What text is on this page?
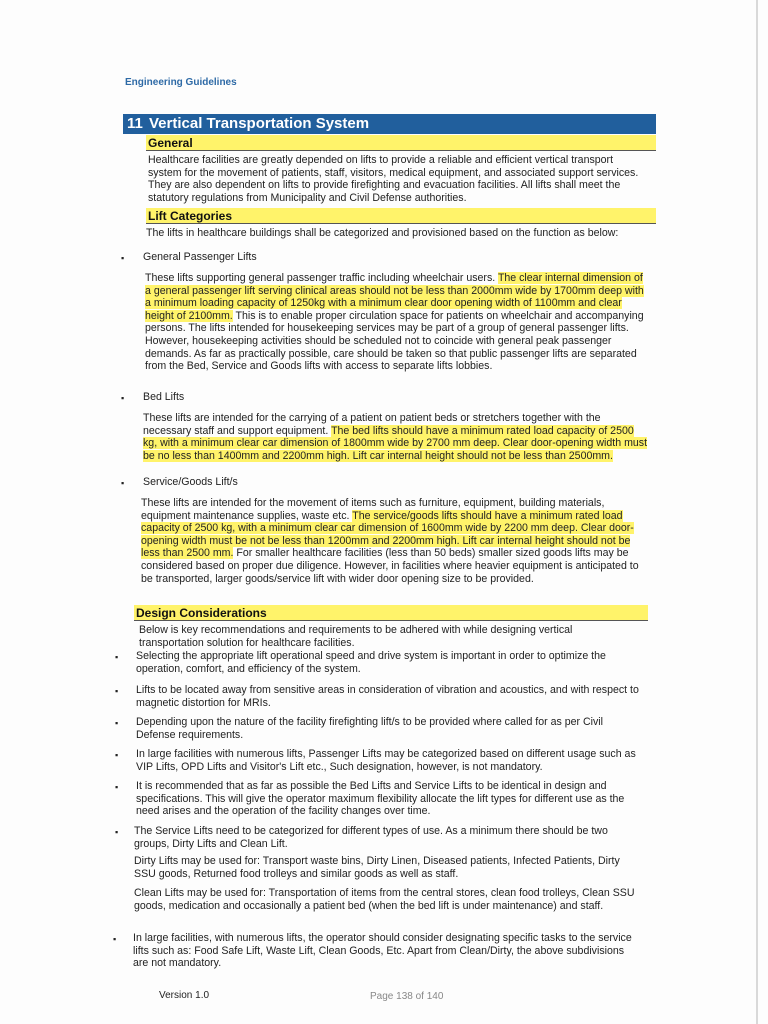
Engineering Guidelines
11 Vertical Transportation System
General
Healthcare facilities are greatly depended on lifts to provide a reliable and efficient vertical transport system for the movement of patients, staff, visitors, medical equipment, and associated support services. They are also dependent on lifts to provide firefighting and evacuation facilities. All lifts shall meet the statutory regulations from Municipality and Civil Defense authorities.
Lift Categories
The lifts in healthcare buildings shall be categorized and provisioned based on the function as below:
▪ General Passenger Lifts
These lifts supporting general passenger traffic including wheelchair users. The clear internal dimension of a general passenger lift serving clinical areas should not be less than 2000mm wide by 1700mm deep with a minimum loading capacity of 1250kg with a minimum clear door opening width of 1100mm and clear height of 2100mm. This is to enable proper circulation space for patients on wheelchair and accompanying persons. The lifts intended for housekeeping services may be part of a group of general passenger lifts. However, housekeeping activities should be scheduled not to coincide with general peak passenger demands. As far as practically possible, care should be taken so that public passenger lifts are separated from the Bed, Service and Goods lifts with access to separate lifts lobbies.
▪ Bed Lifts
These lifts are intended for the carrying of a patient on patient beds or stretchers together with the necessary staff and support equipment. The bed lifts should have a minimum rated load capacity of 2500 kg, with a minimum clear car dimension of 1800mm wide by 2700 mm deep. Clear door-opening width must be no less than 1400mm and 2200mm high. Lift car internal height should not be less than 2500mm.
▪ Service/Goods Lift/s
These lifts are intended for the movement of items such as furniture, equipment, building materials, equipment maintenance supplies, waste etc. The service/goods lifts should have a minimum rated load capacity of 2500 kg, with a minimum clear car dimension of 1600mm wide by 2200 mm deep. Clear door-opening width must be not be less than 1200mm and 2200mm high. Lift car internal height should not be less than 2500 mm. For smaller healthcare facilities (less than 50 beds) smaller sized goods lifts may be considered based on proper due diligence. However, in facilities where heavier equipment is anticipated to be transported, larger goods/service lift with wider door opening size to be provided.
Design Considerations
Below is key recommendations and requirements to be adhered with while designing vertical transportation solution for healthcare facilities.
▪ Selecting the appropriate lift operational speed and drive system is important in order to optimize the operation, comfort, and efficiency of the system.
▪ Lifts to be located away from sensitive areas in consideration of vibration and acoustics, and with respect to magnetic distortion for MRIs.
▪ Depending upon the nature of the facility firefighting lift/s to be provided where called for as per Civil Defense requirements.
▪ In large facilities with numerous lifts, Passenger Lifts may be categorized based on different usage such as VIP Lifts, OPD Lifts and Visitor's Lift etc., Such designation, however, is not mandatory.
▪ It is recommended that as far as possible the Bed Lifts and Service Lifts to be identical in design and specifications. This will give the operator maximum flexibility allocate the lift types for different use as the need arises and the operation of the facility changes over time.
▪ The Service Lifts need to be categorized for different types of use. As a minimum there should be two groups, Dirty Lifts and Clean Lift.
Dirty Lifts may be used for: Transport waste bins, Dirty Linen, Diseased patients, Infected Patients, Dirty SSU goods, Returned food trolleys and similar goods as well as staff.
Clean Lifts may be used for: Transportation of items from the central stores, clean food trolleys, Clean SSU goods, medication and occasionally a patient bed (when the bed lift is under maintenance) and staff.
▪ In large facilities, with numerous lifts, the operator should consider designating specific tasks to the service lifts such as: Food Safe Lift, Waste Lift, Clean Goods, Etc. Apart from Clean/Dirty, the above subdivisions are not mandatory.
Version 1.0	Page 138 of 140
